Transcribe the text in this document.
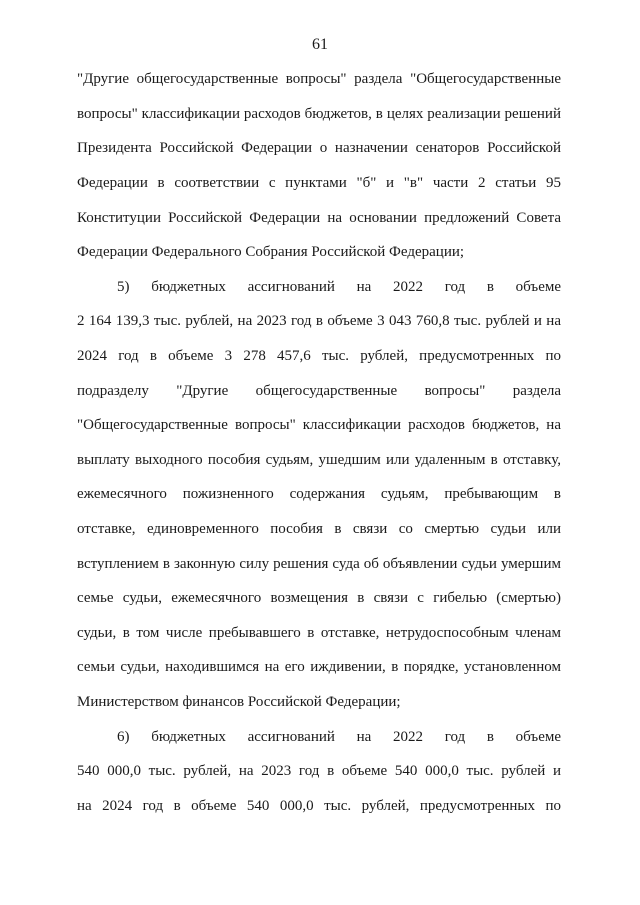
61
"Другие общегосударственные вопросы" раздела "Общегосударственные
вопросы" классификации расходов бюджетов, в целях реализации решений
Президента Российской Федерации о назначении сенаторов Российской
Федерации в соответствии с пунктами "б" и "в" части 2 статьи 95
Конституции Российской Федерации на основании предложений Совета
Федерации Федерального Собрания Российской Федерации;
5) бюджетных ассигнований на 2022 год в объеме
2 164 139,3 тыс. рублей, на 2023 год в объеме 3 043 760,8 тыс. рублей и на
2024 год в объеме 3 278 457,6 тыс. рублей, предусмотренных по
подразделу "Другие общегосударственные вопросы" раздела
"Общегосударственные вопросы" классификации расходов бюджетов, на
выплату выходного пособия судьям, ушедшим или удаленным в отставку,
ежемесячного пожизненного содержания судьям, пребывающим в
отставке, единовременного пособия в связи со смертью судьи или
вступлением в законную силу решения суда об объявлении судьи умершим
семье судьи, ежемесячного возмещения в связи с гибелью (смертью)
судьи, в том числе пребывавшего в отставке, нетрудоспособным членам
семьи судьи, находившимся на его иждивении, в порядке, установленном
Министерством финансов Российской Федерации;
6) бюджетных ассигнований на 2022 год в объеме
540 000,0 тыс. рублей, на 2023 год в объеме 540 000,0 тыс. рублей и
на 2024 год в объеме 540 000,0 тыс. рублей, предусмотренных по
